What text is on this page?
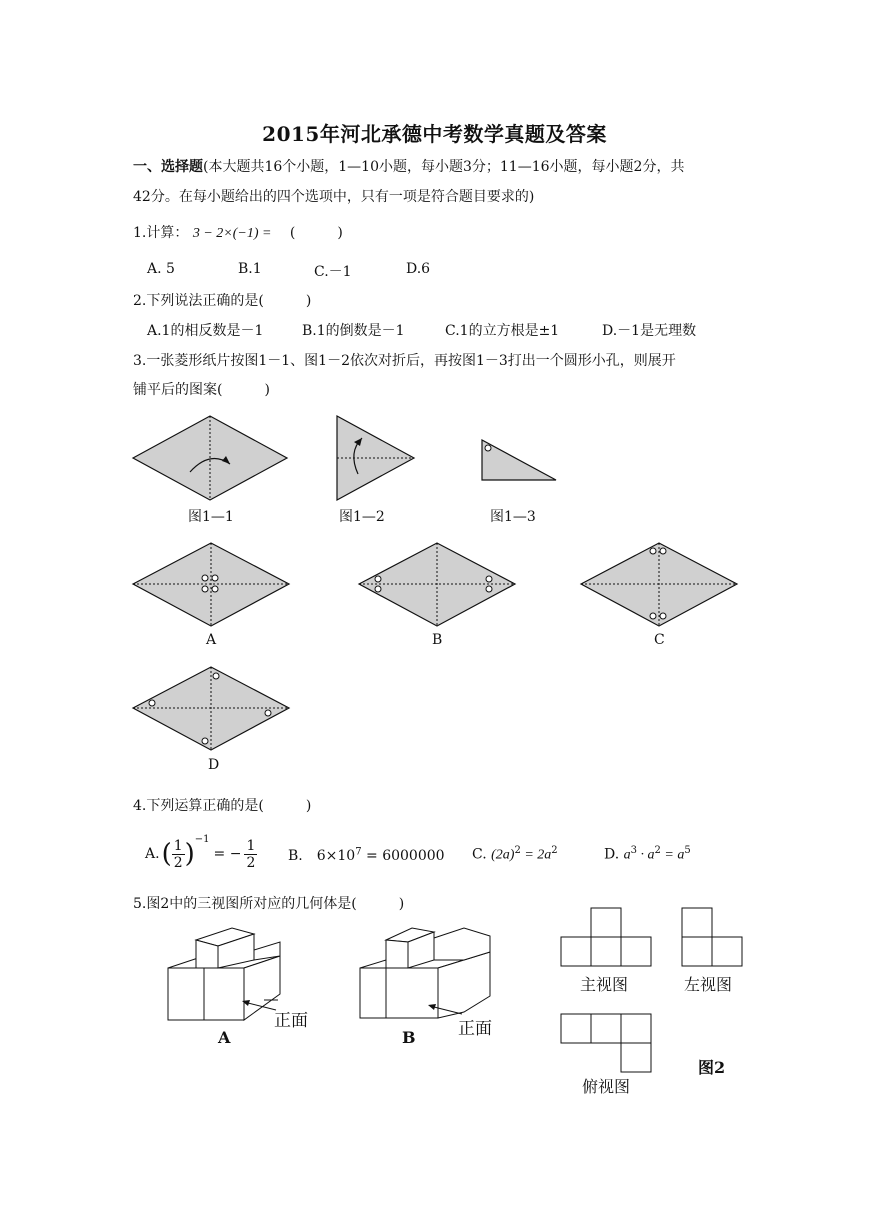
2015年河北承德中考数学真题及答案
一、选择题(本大题共16个小题，1—10小题，每小题3分；11—16小题，每小题2分，共
42分。在每小题给出的四个选项中，只有一项是符合题目要求的)
1.计算： 3 − 2×(−1) = (　　　)
A. 5	B.1	C.－1	D.6
2.下列说法正确的是(　　　)
A.1的相反数是－1	B.1的倒数是－1	C.1的立方根是±1	D.－1是无理数
3.一张菱形纸片按图1－1、图1－2依次对折后，再按图1－3打出一个圆形小孔，则展开
铺平后的图案(　　　)
图1—1	图1—2	图1—3
A	B	C
D
4.下列运算正确的是(　　　)
A. ( $\frac{1}{2} )^{-1}$
= − $\frac{1}{2} B$.　$6\times 10^7 = 6000000$ C. $(2a)^2 = 2a^2$	D. $a^3 \cdot a^2 = a^5$
5.图2中的三视图所对应的几何体是(　　　)
正面
A	正面
B
主视图	左视图
俯视图
图2
